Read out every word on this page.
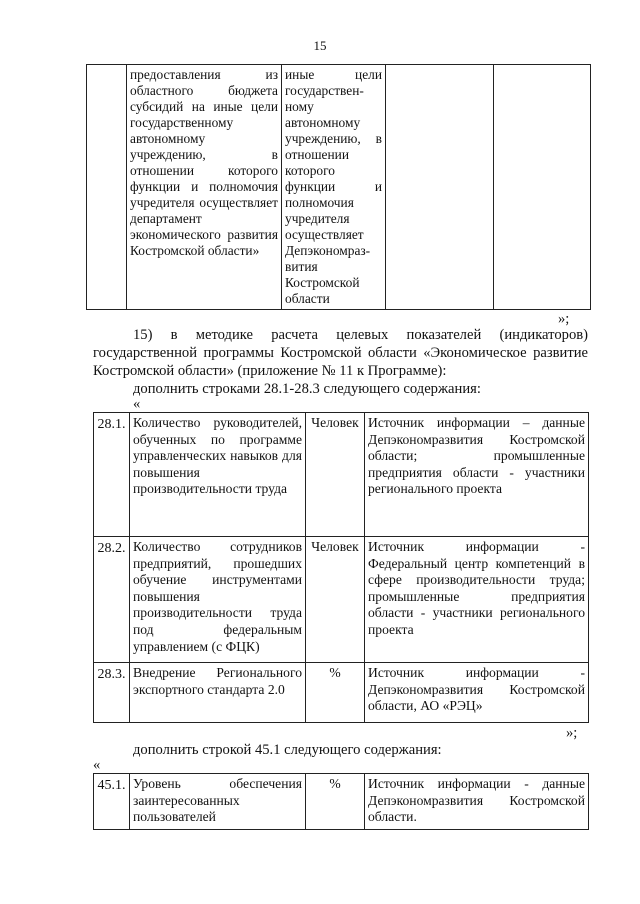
15
	предоставления из областного бюджета субсидий на иные цели государственному автономному учреждению, в отношении которого функции и полномочия учредителя осуществляет департамент экономического развития Костромской области»	иные цели государствен-ному автономному учреждению, в отношении которого функции и полномочия учредителя осуществляет Депэкономраз-вития Костромской области		
»;
15) в методике расчета целевых показателей (индикаторов) государственной программы Костромской области «Экономическое развитие Костромской области» (приложение № 11 к Программе):
дополнить строками 28.1-28.3 следующего содержания:
«
28.1.	Количество руководителей, обученных по программе управленческих навыков для повышения производительности труда	Человек	Источник информации – данные Депэкономразвития Костромской области; промышленные предприятия области - участники регионального проекта
28.2.	Количество сотрудников предприятий, прошедших обучение инструментами повышения производительности труда под федеральным управлением (с ФЦК)	Человек	Источник информации - Федеральный центр компетенций в сфере производительности труда; промышленные предприятия области - участники регионального проекта
28.3.	Внедрение Регионального экспортного стандарта 2.0	%	Источник информации - Депэкономразвития Костромской области, АО «РЭЦ»
»;
дополнить строкой 45.1 следующего содержания:
«
45.1.	Уровень обеспечения заинтересованных пользователей	%	Источник информации - данные Депэкономразвития Костромской области.
